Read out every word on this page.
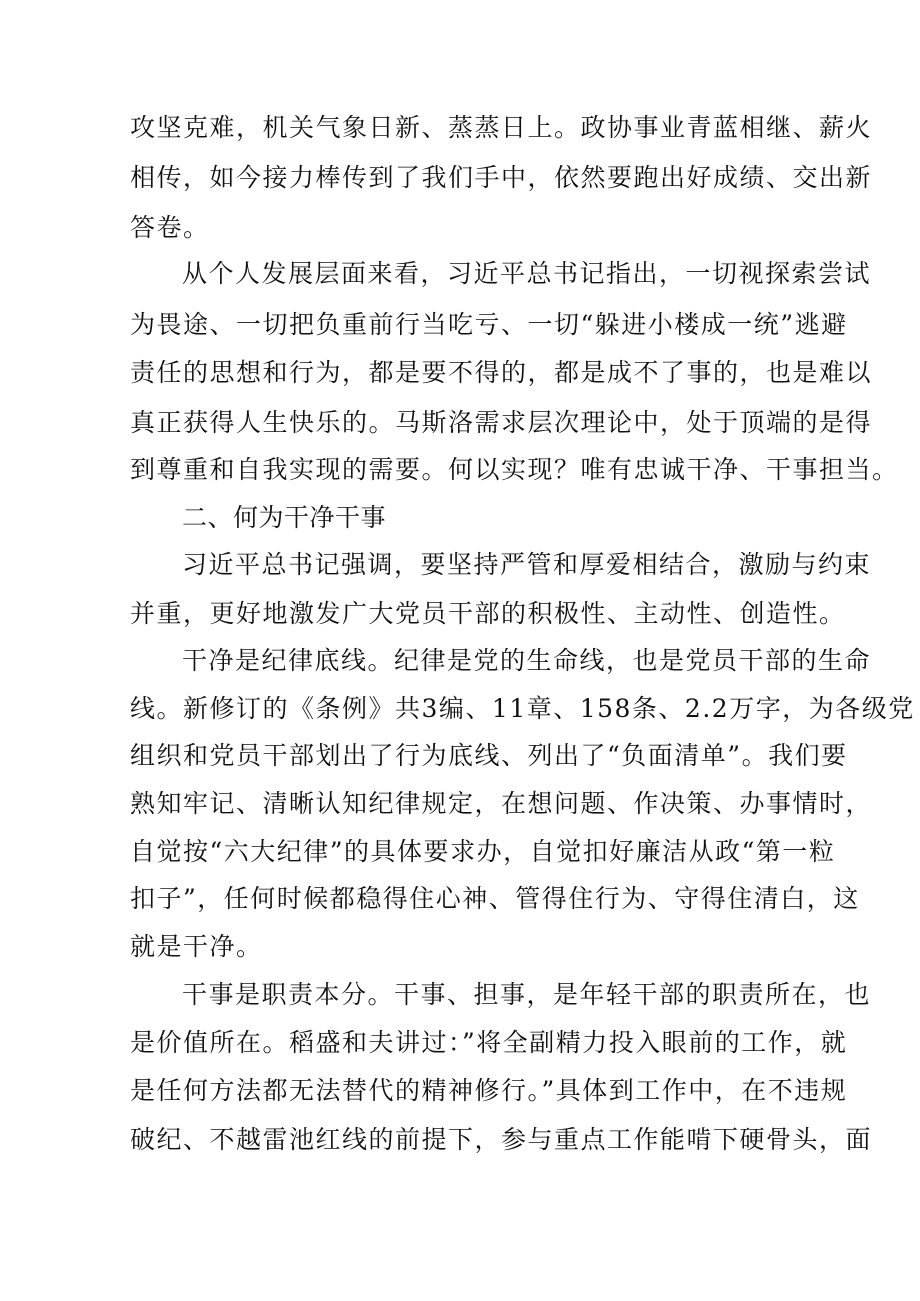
攻坚克难，机关气象日新、蒸蒸日上。政协事业青蓝相继、薪火
相传，如今接力棒传到了我们手中，依然要跑出好成绩、交出新
答卷。
从个人发展层面来看，习近平总书记指出，一切视探索尝试
为畏途、一切把负重前行当吃亏、一切“躲进小楼成一统”逃避
责任的思想和行为，都是要不得的，都是成不了事的，也是难以
真正获得人生快乐的。马斯洛需求层次理论中，处于顶端的是得
到尊重和自我实现的需要。何以实现？唯有忠诚干净、干事担当。
二、何为干净干事
习近平总书记强调，要坚持严管和厚爱相结合，激励与约束
并重，更好地激发广大党员干部的积极性、主动性、创造性。
干净是纪律底线。纪律是党的生命线，也是党员干部的生命
线。新修订的《条例》共3编、11章、158条、2.2万字，为各级党
组织和党员干部划出了行为底线、列出了“负面清单”。我们要
熟知牢记、清晰认知纪律规定，在想问题、作决策、办事情时，
自觉按“六大纪律”的具体要求办，自觉扣好廉洁从政“第一粒
扣子”，任何时候都稳得住心神、管得住行为、守得住清白，这
就是干净。
干事是职责本分。干事、担事，是年轻干部的职责所在，也
是价值所在。稻盛和夫讲过：”将全副精力投入眼前的工作，就
是任何方法都无法替代的精神修行。”具体到工作中，在不违规
破纪、不越雷池红线的前提下，参与重点工作能啃下硬骨头，面
